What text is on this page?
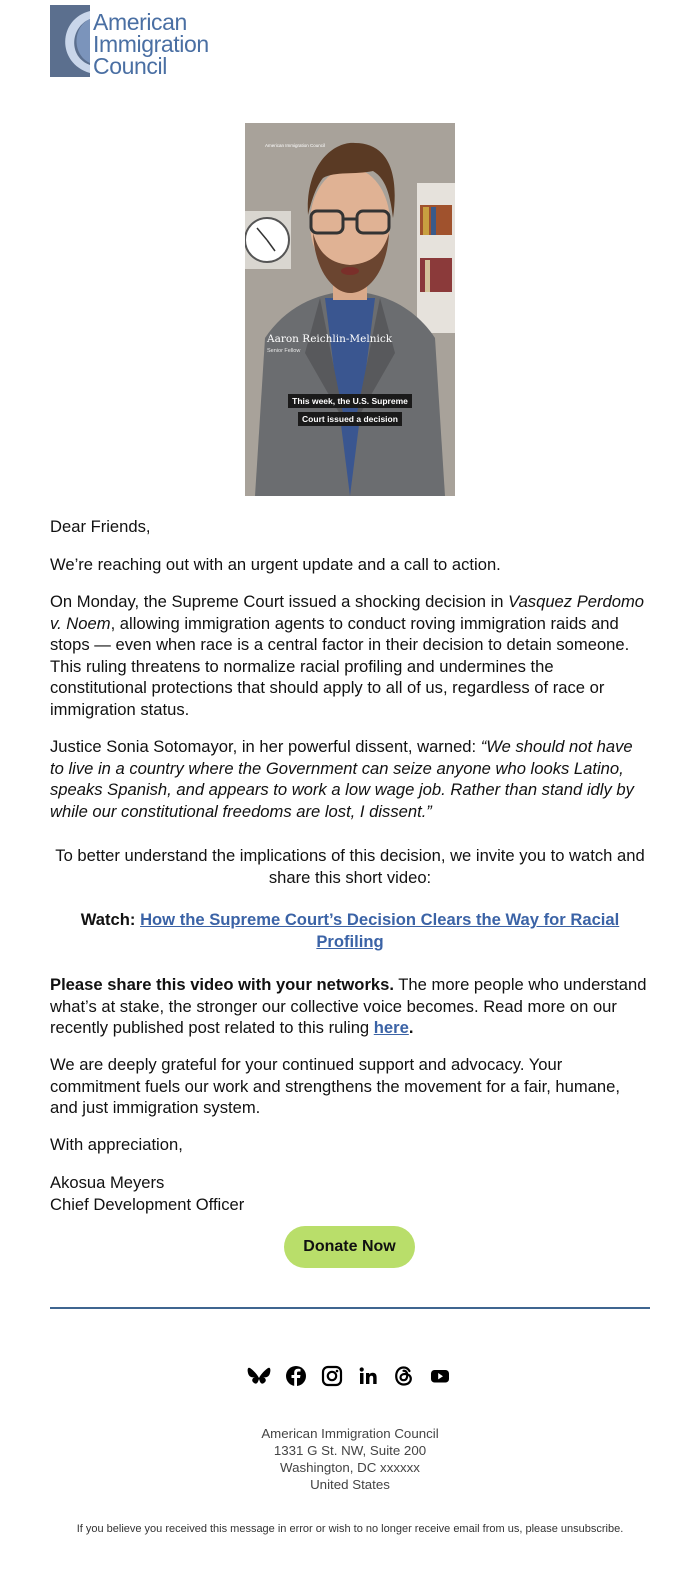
American
Immigration
Council
American Immigration Council
Aaron Reichlin-Melnick
Senior Fellow
This week, the U.S. Supreme
Court issued a decision
Dear Friends,
We’re reaching out with an urgent update and a call to action.
On Monday, the Supreme Court issued a shocking decision in Vasquez Perdomo v. Noem, allowing immigration agents to conduct roving immigration raids and stops — even when race is a central factor in their decision to detain someone. This ruling threatens to normalize racial profiling and undermines the constitutional protections that should apply to all of us, regardless of race or immigration status.
Justice Sonia Sotomayor, in her powerful dissent, warned: “We should not have to live in a country where the Government can seize anyone who looks Latino, speaks Spanish, and appears to work a low wage job. Rather than stand idly by while our constitutional freedoms are lost, I dissent.”
To better understand the implications of this decision, we invite you to watch and share this short video:
Watch: How the Supreme Court’s Decision Clears the Way for Racial Profiling
Please share this video with your networks. The more people who understand what’s at stake, the stronger our collective voice becomes. Read more on our recently published post related to this ruling here.
We are deeply grateful for your continued support and advocacy. Your commitment fuels our work and strengthens the movement for a fair, humane, and just immigration system.
With appreciation,
Akosua Meyers
Chief Development Officer
Donate Now
American Immigration Council
1331 G St. NW, Suite 200
Washington, DC xxxxxx
United States
If you believe you received this message in error or wish to no longer receive email from us, please unsubscribe.
